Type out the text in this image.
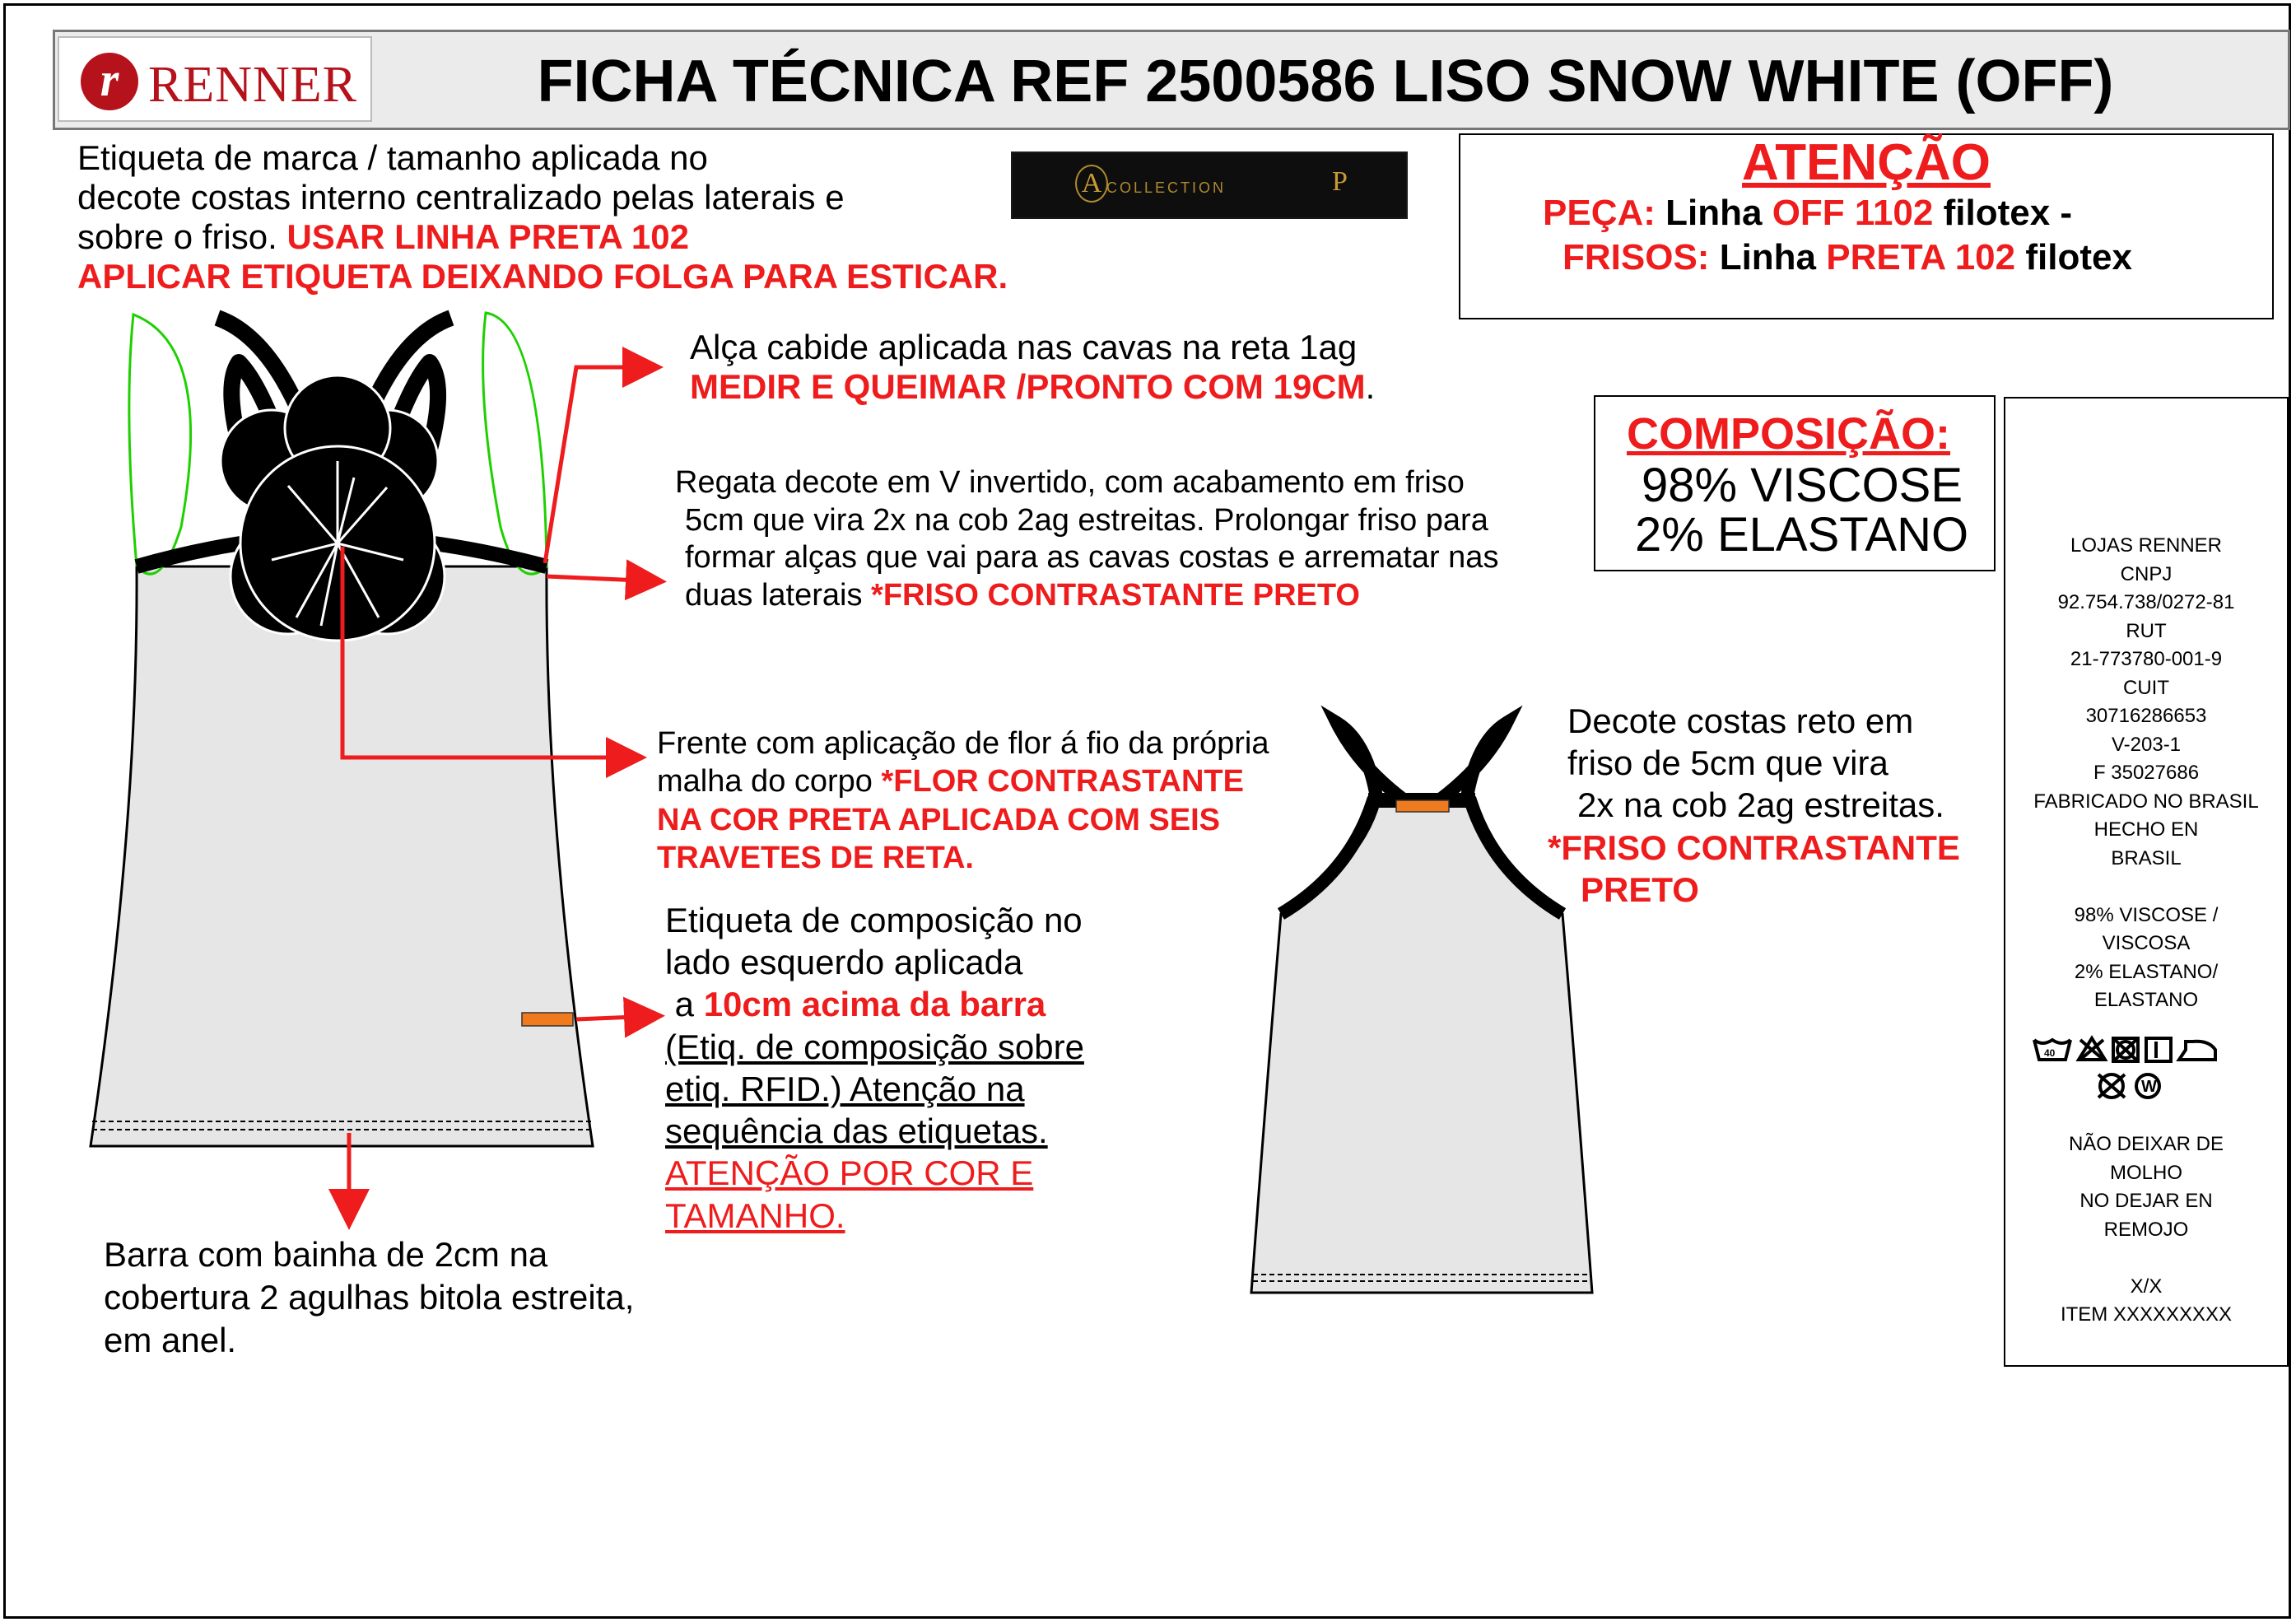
r RENNER	FICHA TÉCNICA REF 2500586 LISO SNOW WHITE (OFF)
Etiqueta de marca / tamanho aplicada no
decote costas interno centralizado pelas laterais e
sobre o friso. USAR LINHA PRETA 102
APLICAR ETIQUETA DEIXANDO FOLGA PARA ESTICAR.
A COLLECTION	P	ATENÇÃO
PEÇA: Linha OFF 1102 filotex -
FRISOS: Linha PRETA 102 filotex
COMPOSIÇÃO:
98% VISCOSE
2% ELASTANO	LOJAS RENNER
CNPJ
92.754.738/0272-81
RUT
21-773780-001-9
CUIT
30716286653
V-203-1
F 35027686
FABRICADO NO BRASIL
HECHO EN
BRASIL

98% VISCOSE /
VISCOSA
2% ELASTANO/
ELASTANO
40
W
NÃO DEIXAR DE
MOLHO
NO DEJAR EN
REMOJO

X/X
ITEM XXXXXXXXX
Alça cabide aplicada nas cavas na reta 1ag
MEDIR E QUEIMAR /PRONTO COM 19CM.
Regata decote em V invertido, com acabamento em friso
5cm que vira 2x na cob 2ag estreitas. Prolongar friso para
formar alças que vai para as cavas costas e arrematar nas
duas laterais *FRISO CONTRASTANTE PRETO
Frente com aplicação de flor á fio da própria
malha do corpo *FLOR CONTRASTANTE
NA COR PRETA APLICADA COM SEIS
TRAVETES DE RETA.
Etiqueta de composição no
lado esquerdo aplicada
a 10cm acima da barra
(Etiq. de composição sobre
etiq. RFID.) Atenção na
sequência das etiquetas.
ATENÇÃO POR COR E
TAMANHO.
Barra com bainha de 2cm na
cobertura 2 agulhas bitola estreita,
em anel.
Decote costas reto em
friso de 5cm que vira
2x na cob 2ag estreitas.
*FRISO CONTRASTANTE
PRETO
